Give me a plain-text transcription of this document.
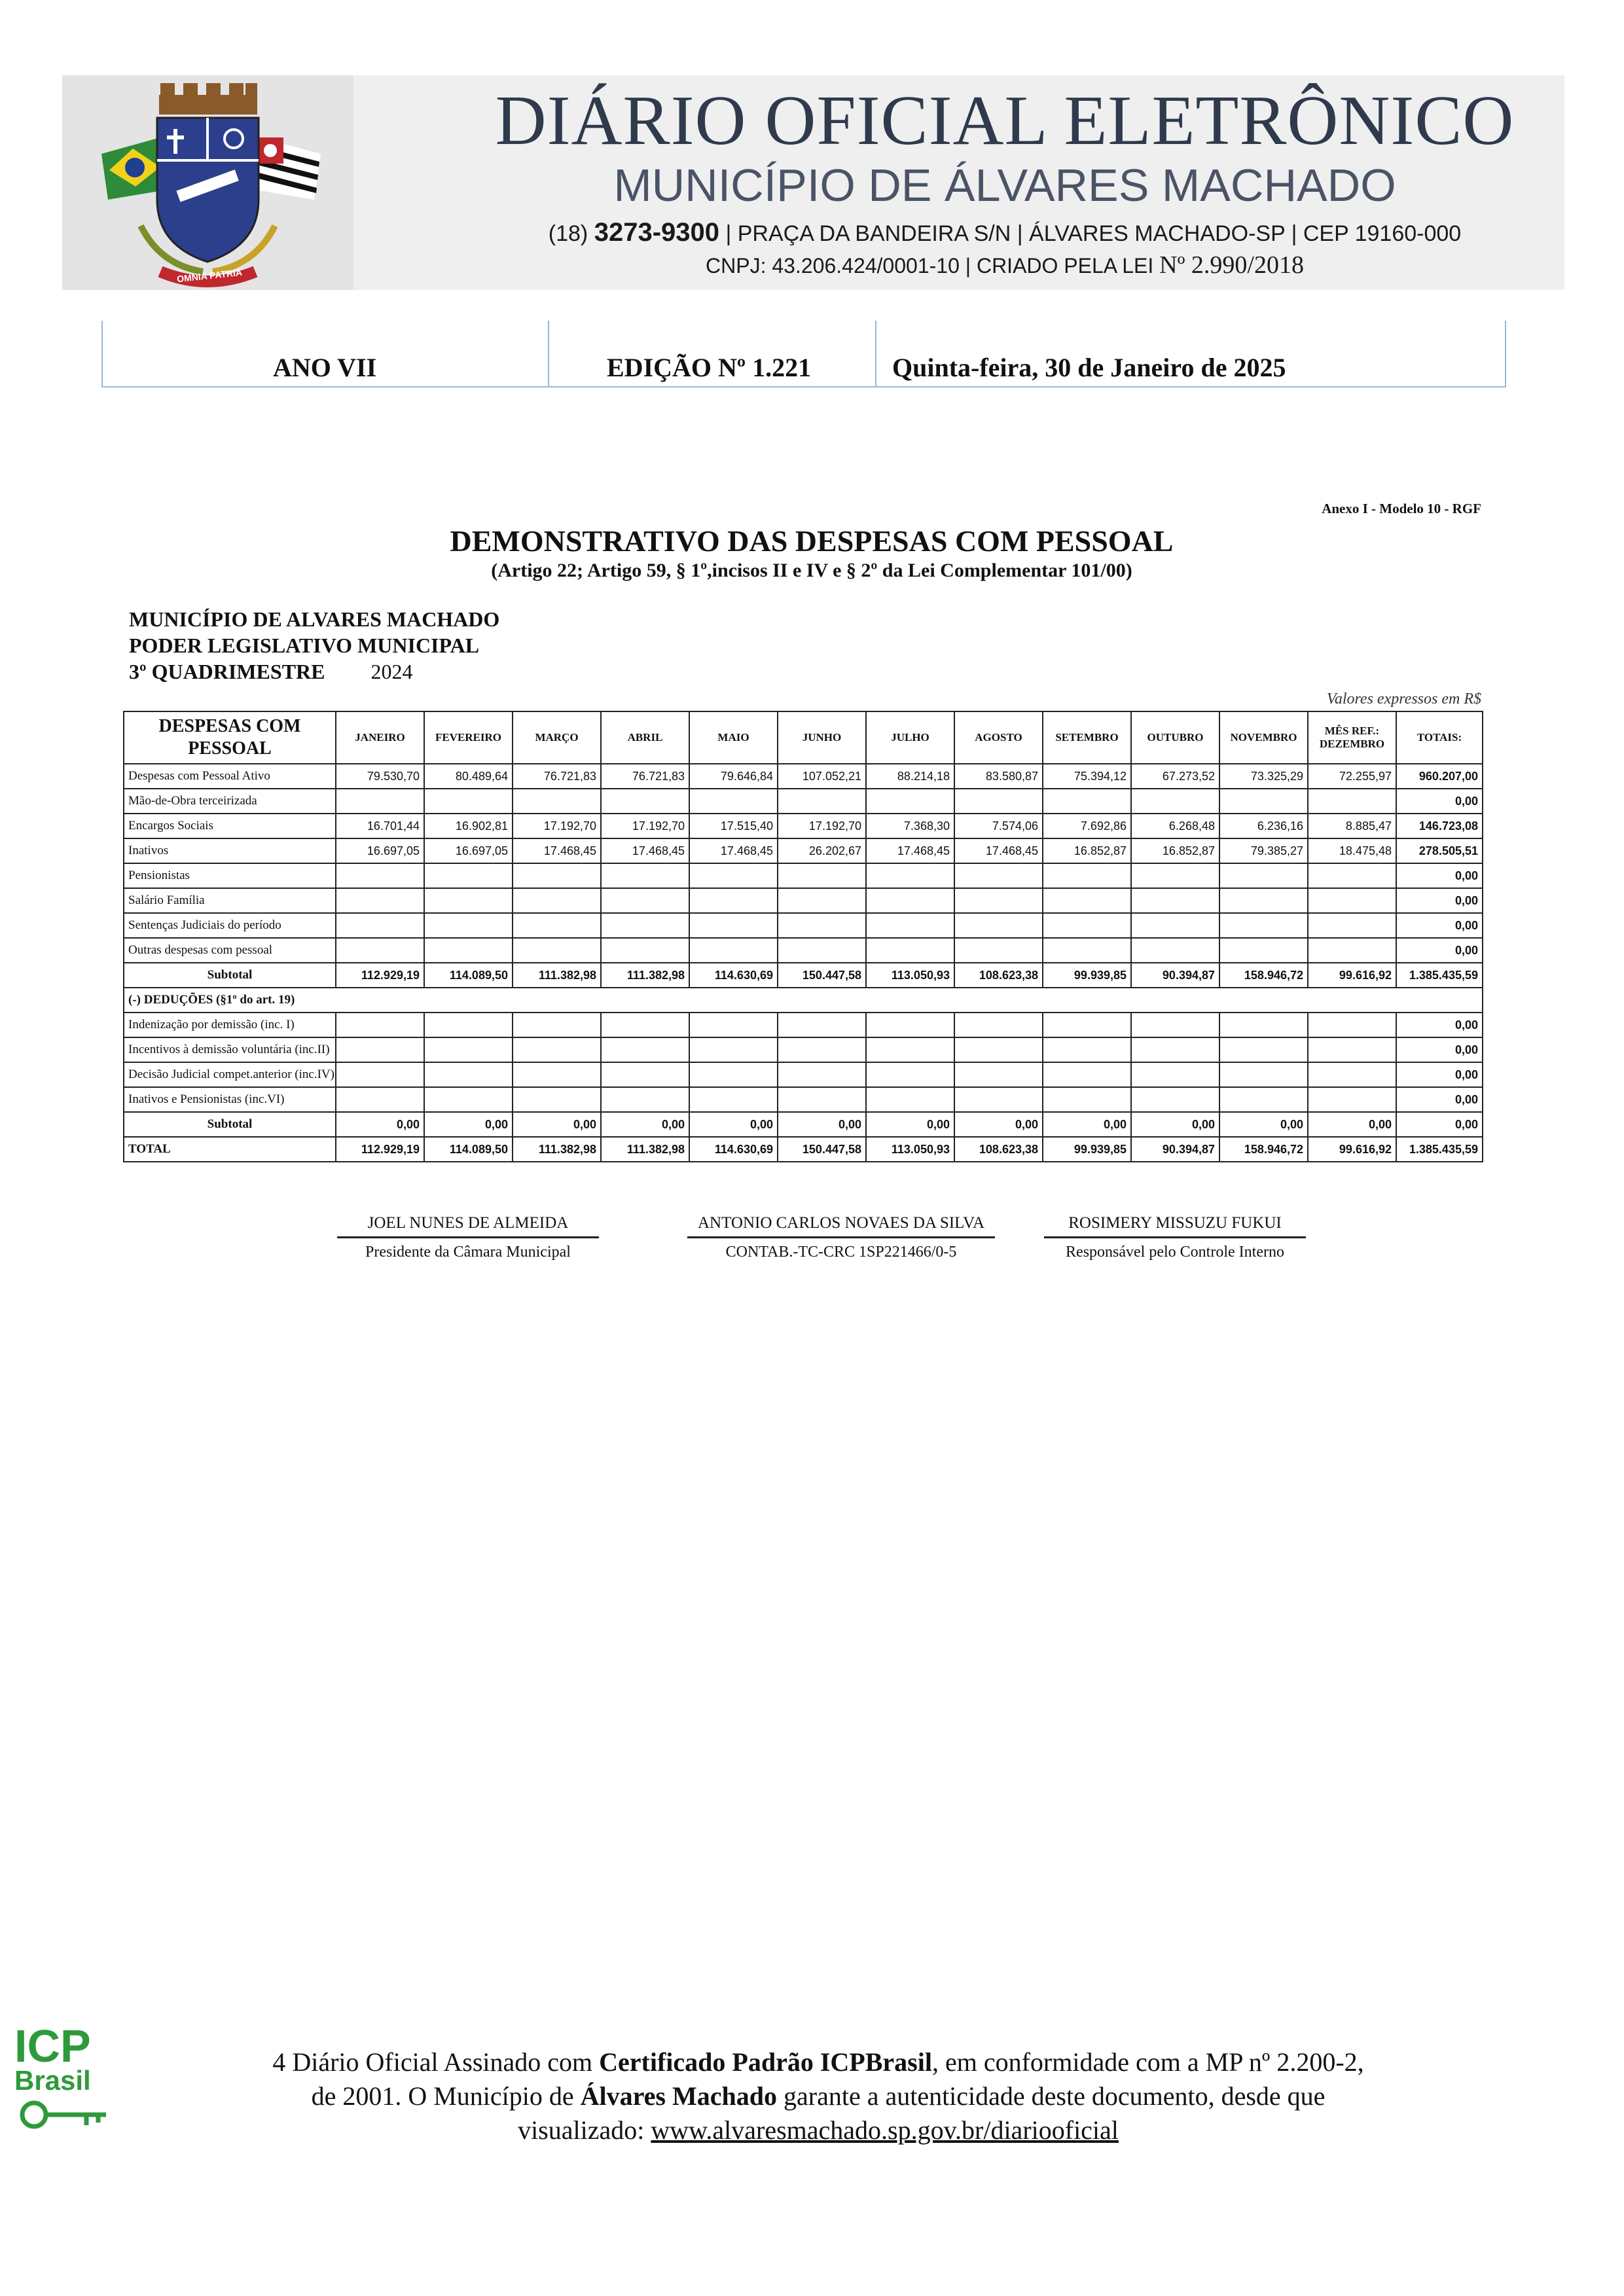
OMNIA PATRIA
DIÁRIO OFICIAL ELETRÔNICO
MUNICÍPIO DE ÁLVARES MACHADO
(18) 3273-9300 | PRAÇA DA BANDEIRA S/N | ÁLVARES MACHADO-SP | CEP 19160-000
CNPJ: 43.206.424/0001-10 | CRIADO PELA LEI Nº 2.990/2018
ANO VII	EDIÇÃO Nº 1.221	Quinta-feira, 30 de Janeiro de 2025
Anexo I - Modelo 10 - RGF
DEMONSTRATIVO DAS DESPESAS COM PESSOAL
(Artigo 22; Artigo 59, § 1º,incisos II e IV e § 2º da Lei Complementar 101/00)
MUNICÍPIO DE ALVARES MACHADO
PODER LEGISLATIVO MUNICIPAL
3º QUADRIMESTRE 2024
Valores expressos em R$
DESPESAS COM PESSOAL	JANEIRO	FEVEREIRO	MARÇO	ABRIL	MAIO	JUNHO	JULHO	AGOSTO	SETEMBRO	OUTUBRO	NOVEMBRO	MÊS REF.: DEZEMBRO	TOTAIS:
Despesas com Pessoal Ativo	79.530,70	80.489,64	76.721,83	76.721,83	79.646,84	107.052,21	88.214,18	83.580,87	75.394,12	67.273,52	73.325,29	72.255,97	960.207,00
Mão-de-Obra terceirizada													0,00
Encargos Sociais	16.701,44	16.902,81	17.192,70	17.192,70	17.515,40	17.192,70	7.368,30	7.574,06	7.692,86	6.268,48	6.236,16	8.885,47	146.723,08
Inativos	16.697,05	16.697,05	17.468,45	17.468,45	17.468,45	26.202,67	17.468,45	17.468,45	16.852,87	16.852,87	79.385,27	18.475,48	278.505,51
Pensionistas													0,00
Salário Família													0,00
Sentenças Judiciais do período													0,00
Outras despesas com pessoal													0,00
Subtotal	112.929,19	114.089,50	111.382,98	111.382,98	114.630,69	150.447,58	113.050,93	108.623,38	99.939,85	90.394,87	158.946,72	99.616,92	1.385.435,59
(-) DEDUÇÕES (§1º do art. 19)													
Indenização por demissão (inc. I)													0,00
Incentivos à demissão voluntária (inc.II)													0,00
Decisão Judicial compet.anterior (inc.IV)													0,00
Inativos e Pensionistas (inc.VI)													0,00
Subtotal	0,00	0,00	0,00	0,00	0,00	0,00	0,00	0,00	0,00	0,00	0,00	0,00	0,00
TOTAL	112.929,19	114.089,50	111.382,98	111.382,98	114.630,69	150.447,58	113.050,93	108.623,38	99.939,85	90.394,87	158.946,72	99.616,92	1.385.435,59
JOEL NUNES DE ALMEIDA
Presidente da Câmara Municipal
ANTONIO CARLOS NOVAES DA SILVA
CONTAB.-TC-CRC 1SP221466/0-5
ROSIMERY MISSUZU FUKUI
Responsável pelo Controle Interno
ICP
Brasil
4 Diário Oficial Assinado com Certificado Padrão ICPBrasil, em conformidade com a MP nº 2.200-2,
de 2001. O Município de Álvares Machado garante a autenticidade deste documento, desde que
visualizado: www.alvaresmachado.sp.gov.br/diariooficial
